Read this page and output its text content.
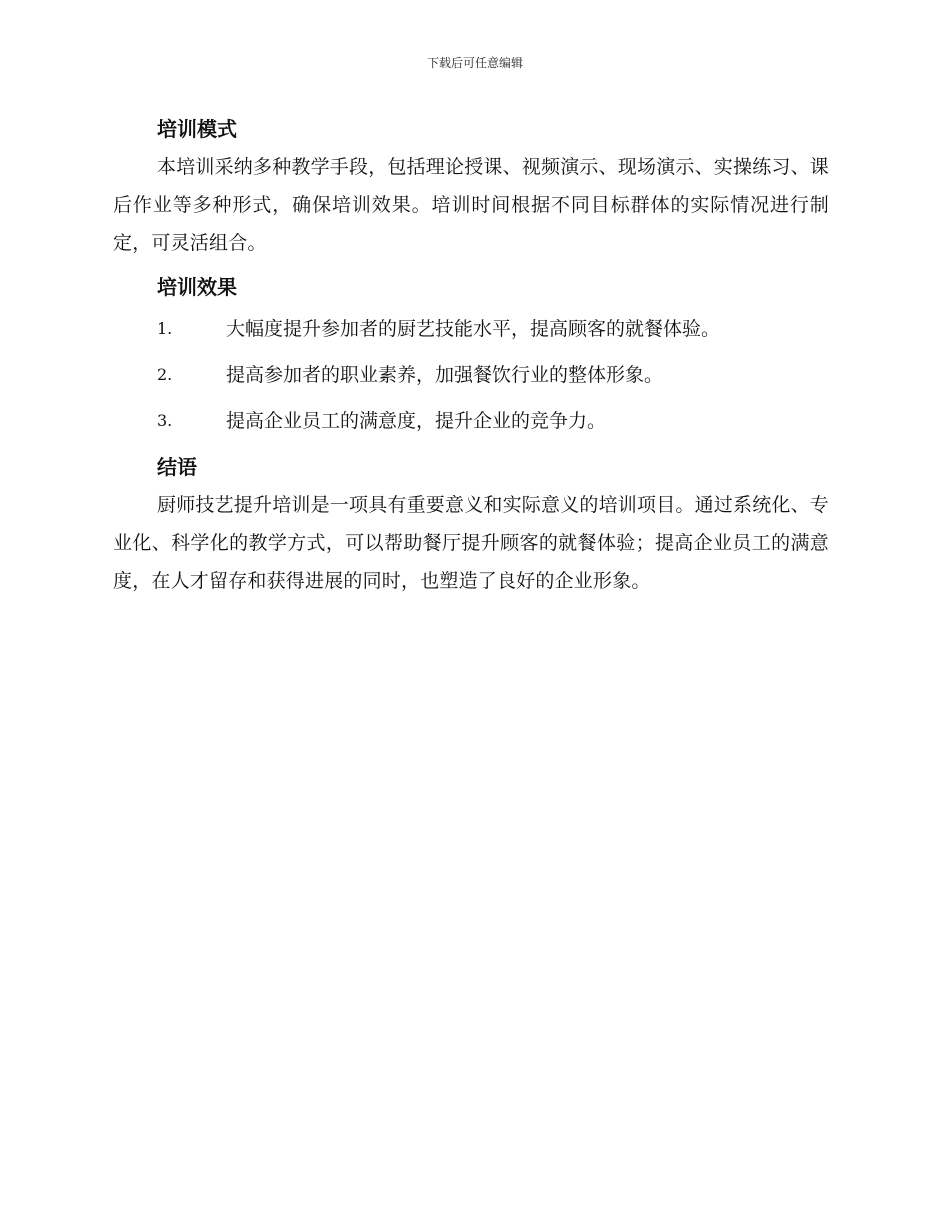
下载后可任意编辑
培训模式

本培训采纳多种教学手段，包括理论授课、视频演示、现场演示、实操练习、课后作业等多种形式，确保培训效果。培训时间根据不同目标群体的实际情况进行制定，可灵活组合。

培训效果
1.	大幅度提升参加者的厨艺技能水平，提高顾客的就餐体验。
2.	提高参加者的职业素养，加强餐饮行业的整体形象。
3.	提高企业员工的满意度，提升企业的竞争力。
结语

厨师技艺提升培训是一项具有重要意义和实际意义的培训项目。通过系统化、专业化、科学化的教学方式，可以帮助餐厅提升顾客的就餐体验；提高企业员工的满意度，在人才留存和获得进展的同时，也塑造了良好的企业形象。
